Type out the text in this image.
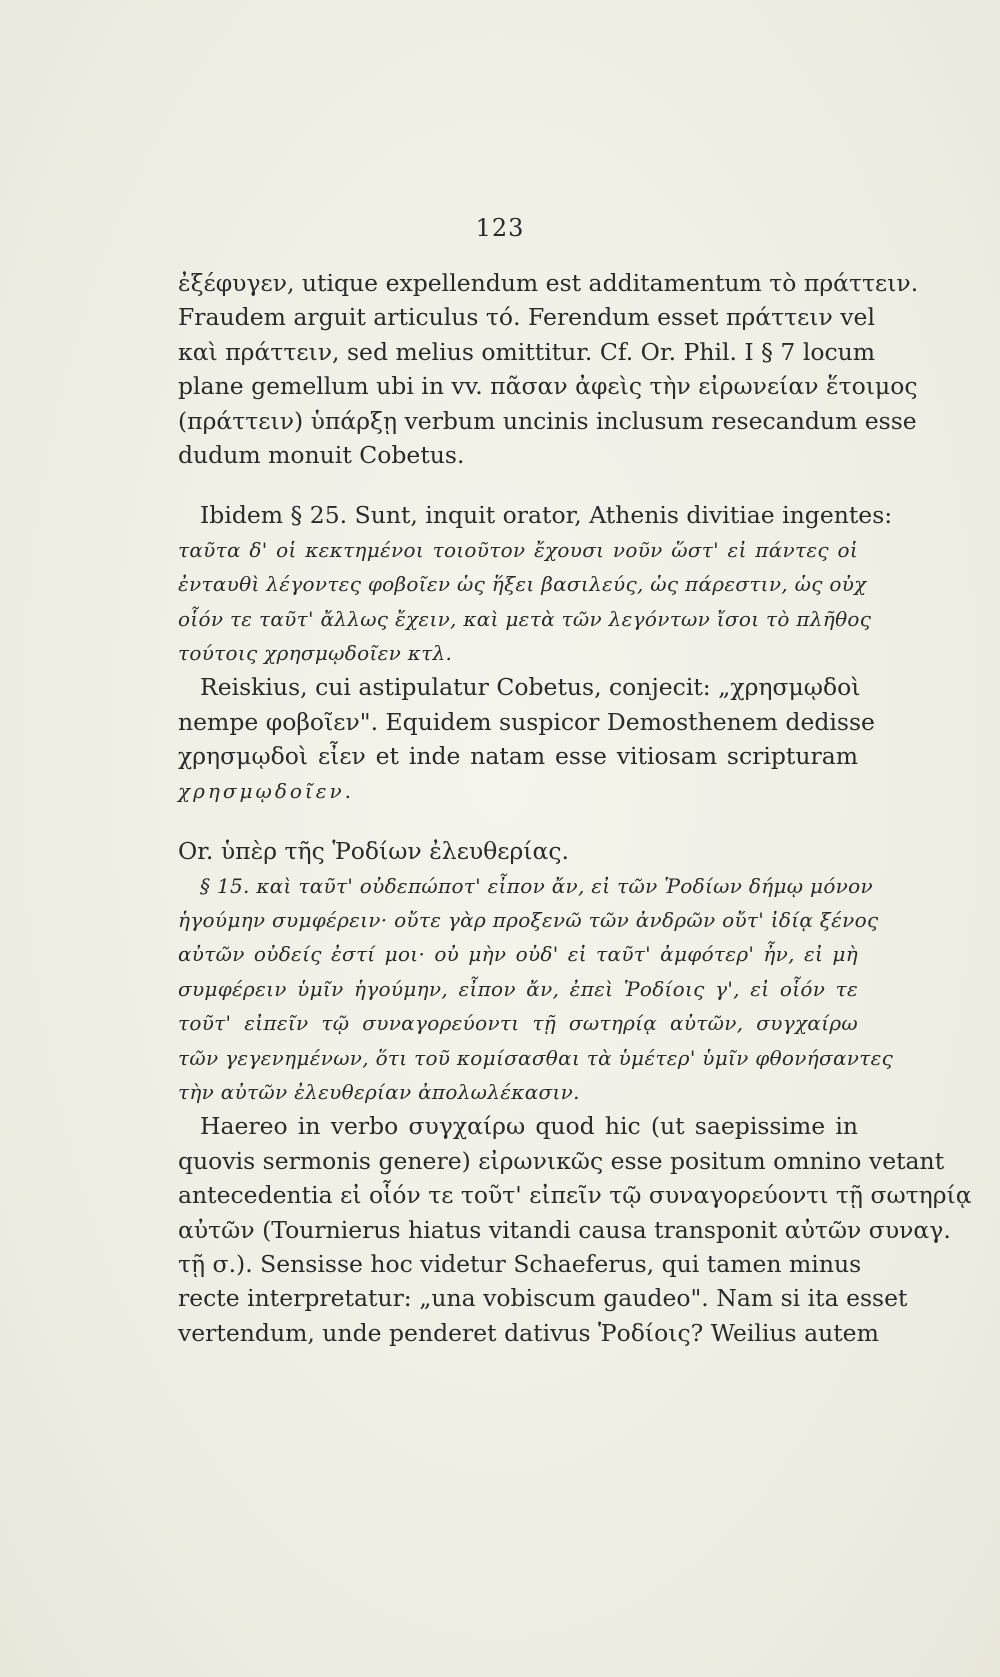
123
ἐξέφυγεν, utique expellendum est additamentum τὸ πράττειν.
Fraudem arguit articulus τό. Ferendum esset πράττειν vel
καὶ πράττειν, sed melius omittitur. Cf. Or. Phil. I § 7 locum
plane gemellum ubi in vv. πᾶσαν ἀφεὶς τὴν εἰρωνείαν ἕτοιμος
(πράττειν) ὑπάρξῃ verbum uncinis inclusum resecandum esse
dudum monuit Cobetus.
Ibidem § 25. Sunt, inquit orator, Athenis divitiae ingentes:
ταῦτα δ' οἱ κεκτημένοι τοιοῦτον ἔχουσι νοῦν ὥστ' εἰ πάντες οἱ
ἐνταυθὶ λέγοντες φοβοῖεν ὡς ἥξει βασιλεύς, ὡς πάρεστιν, ὡς οὐχ
οἷόν τε ταῦτ' ἄλλως ἔχειν, καὶ μετὰ τῶν λεγόντων ἴσοι τὸ πλῆθος
τούτοις χρησμῳδοῖεν κτλ.
Reiskius, cui astipulatur Cobetus, conjecit: „χρησμῳδοὶ
nempe φοβοῖεν". Equidem suspicor Demosthenem dedisse
χρησμῳδοὶ εἶεν et inde natam esse vitiosam scripturam
χρησμῳδοῖεν.
Or. ὑπὲρ τῆς Ῥοδίων ἐλευθερίας.
§ 15. καὶ ταῦτ' οὐδεπώποτ' εἶπον ἄν, εἰ τῶν Ῥοδίων δήμῳ μόνον
ἡγούμην συμφέρειν· οὔτε γὰρ προξενῶ τῶν ἀνδρῶν οὔτ' ἰδίᾳ ξένος
αὐτῶν οὐδείς ἐστί μοι· οὐ μὴν οὐδ' εἰ ταῦτ' ἀμφότερ' ἦν, εἰ μὴ
συμφέρειν ὑμῖν ἡγούμην, εἶπον ἄν, ἐπεὶ Ῥοδίοις γ', εἰ οἷόν τε
τοῦτ' εἰπεῖν τῷ συναγορεύοντι τῇ σωτηρίᾳ αὐτῶν, συγχαίρω
τῶν γεγενημένων, ὅτι τοῦ κομίσασθαι τὰ ὑμέτερ' ὑμῖν φθονήσαντες
τὴν αὐτῶν ἐλευθερίαν ἀπολωλέκασιν.
Haereo in verbo συγχαίρω quod hic (ut saepissime in
quovis sermonis genere) εἰρωνικῶς esse positum omnino vetant
antecedentia εἰ οἷόν τε τοῦτ' εἰπεῖν τῷ συναγορεύοντι τῇ σωτηρίᾳ
αὐτῶν (Tournierus hiatus vitandi causa transponit αὐτῶν συναγ.
τῇ σ.). Sensisse hoc videtur Schaeferus, qui tamen minus
recte interpretatur: „una vobiscum gaudeo". Nam si ita esset
vertendum, unde penderet dativus Ῥοδίοις? Weilius autem
